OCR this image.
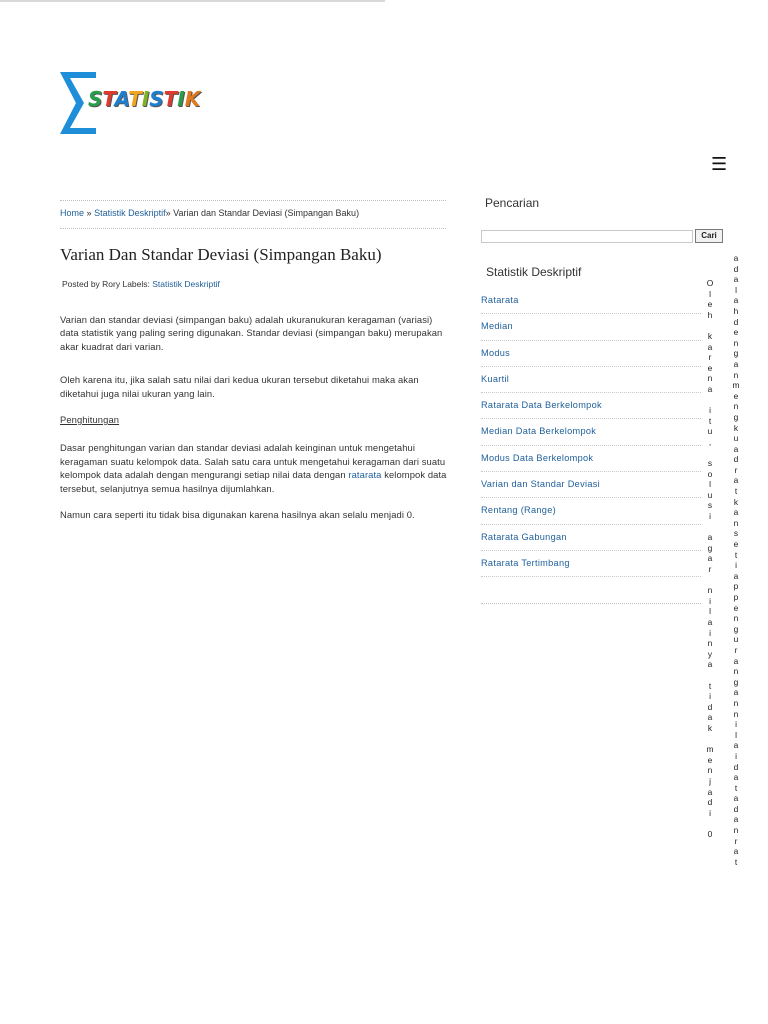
STATISTIK
☰
Home » Statistik Deskriptif» Varian dan Standar Deviasi (Simpangan Baku)
Varian Dan Standar Deviasi (Simpangan Baku)
Posted by Rory Labels: Statistik Deskriptif

Varian dan standar deviasi (simpangan baku) adalah ukuranukuran keragaman (variasi) data statistik yang paling sering digunakan. Standar deviasi (simpangan baku) merupakan akar kuadrat dari varian.

Oleh karena itu, jika salah satu nilai dari kedua ukuran tersebut diketahui maka akan diketahui juga nilai ukuran yang lain.

Penghitungan

Dasar penghitungan varian dan standar deviasi adalah keinginan untuk mengetahui keragaman suatu kelompok data. Salah satu cara untuk mengetahui keragaman dari suatu kelompok data adalah dengan mengurangi setiap nilai data dengan ratarata kelompok data tersebut, selanjutnya semua hasilnya dijumlahkan.

Namun cara seperti itu tidak bisa digunakan karena hasilnya akan selalu menjadi 0.

Pencarian
Cari
Statistik Deskriptif
Ratarata
Median
Modus
Kuartil
Ratarata Data Berkelompok
Median Data Berkelompok
Modus Data Berkelompok
Varian dan Standar Deviasi
Rentang (Range)
Ratarata Gabungan
Ratarata Tertimbang
O
l
e
h

k
a
r
e
n
a

i
t
u
,

s
o
l
u
s
i

a
g
a
r

n
i
l
a
i
n
y
a

t
i
d
a
k

m
e
n
j
a
d
i

0
a
d
a
l
a
h
d
e
n
g
a
n
m
e
n
g
k
u
a
d
r
a
t
k
a
n
s
e
t
i
a
p
p
e
n
g
u
r
a
n
g
a
n
n
i
l
a
i
d
a
t
a
d
a
n
r
a
t
